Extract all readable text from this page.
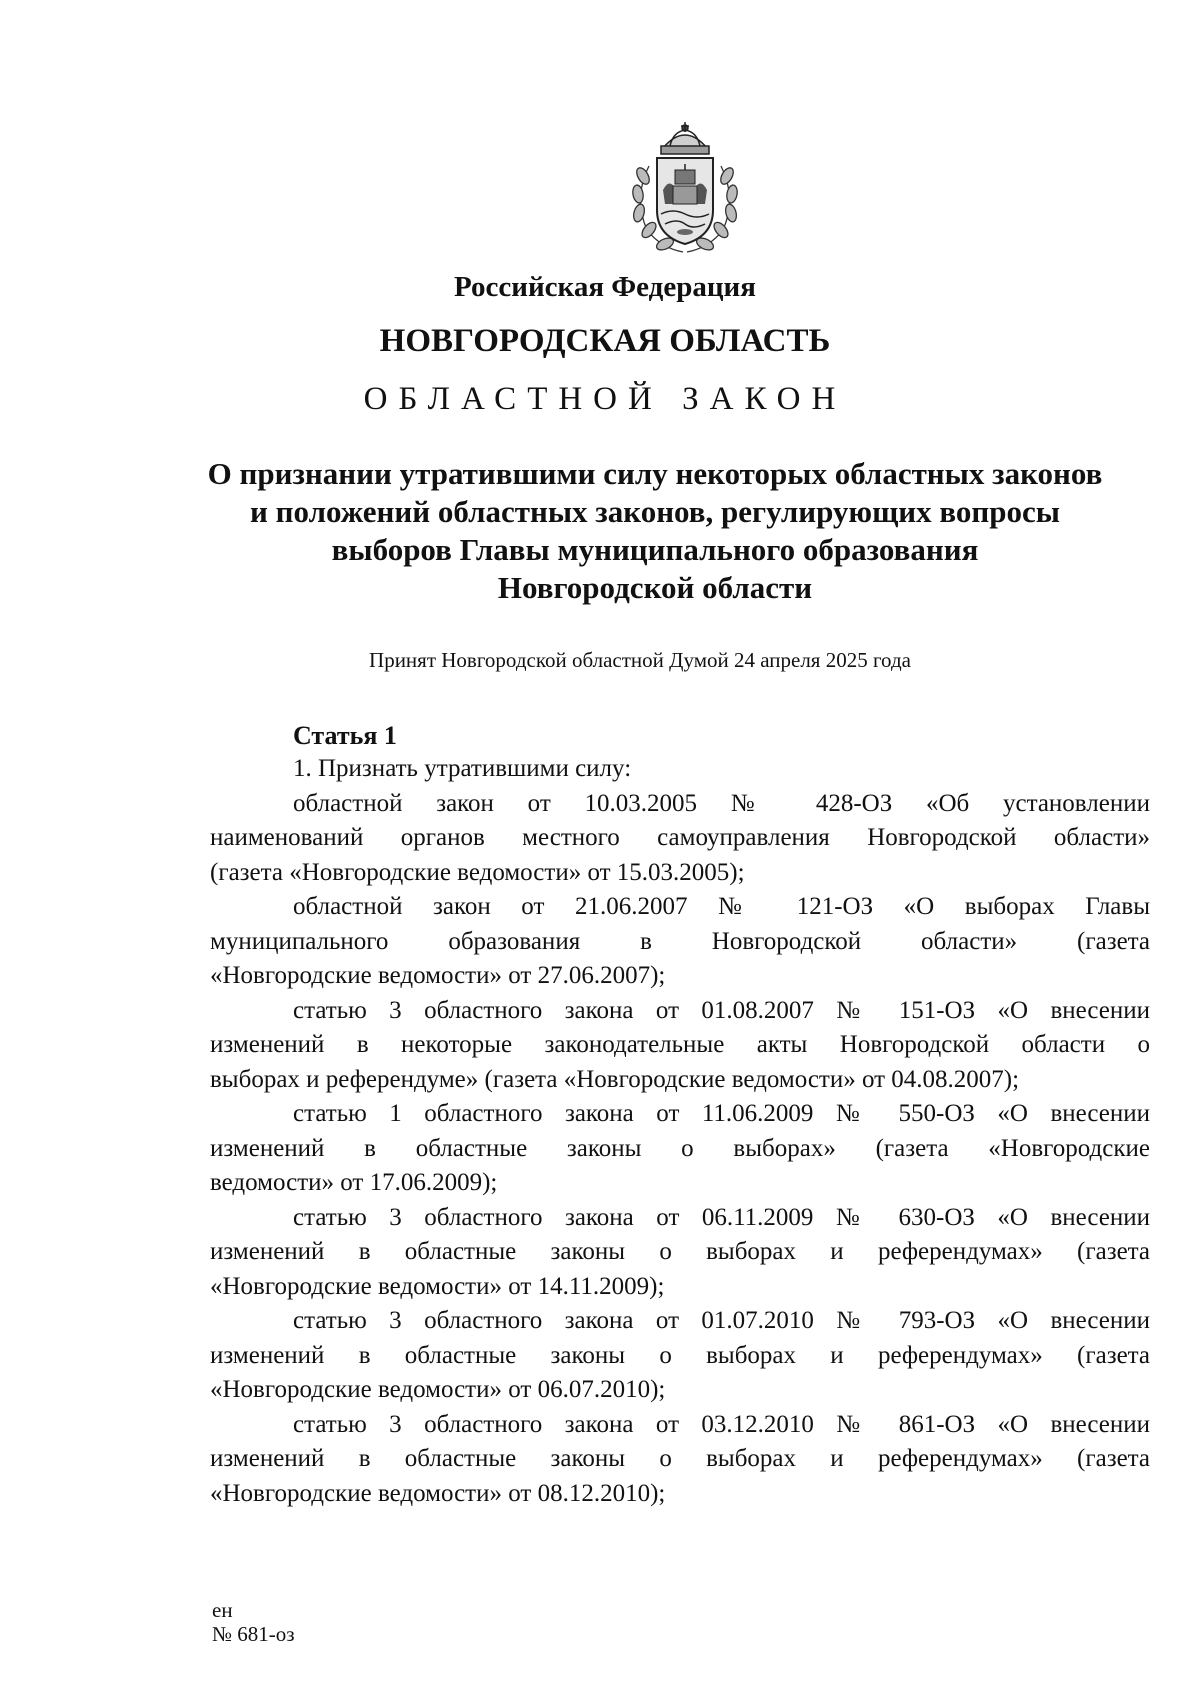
Российская Федерация
НОВГОРОДСКАЯ ОБЛАСТЬ
ОБЛАСТНОЙ ЗАКОН
О признании утратившими силу некоторых областных законов
и положений областных законов, регулирующих вопросы
выборов Главы муниципального образования
Новгородской области
Принят Новгородской областной Думой 24 апреля 2025 года
Статья 1
1. Признать утратившими силу:
областной закон от 10.03.2005 № 428-ОЗ «Об установлении
наименований органов местного самоуправления Новгородской области»
(газета «Новгородские ведомости» от 15.03.2005);
областной закон от 21.06.2007 № 121-ОЗ «О выборах Главы
муниципального образования в Новгородской области» (газета
«Новгородские ведомости» от 27.06.2007);
статью 3 областного закона от 01.08.2007 № 151-ОЗ «О внесении
изменений в некоторые законодательные акты Новгородской области о
выборах и референдуме» (газета «Новгородские ведомости» от 04.08.2007);
статью 1 областного закона от 11.06.2009 № 550-ОЗ «О внесении
изменений в областные законы о выборах» (газета «Новгородские
ведомости» от 17.06.2009);
статью 3 областного закона от 06.11.2009 № 630-ОЗ «О внесении
изменений в областные законы о выборах и референдумах» (газета
«Новгородские ведомости» от 14.11.2009);
статью 3 областного закона от 01.07.2010 № 793-ОЗ «О внесении
изменений в областные законы о выборах и референдумах» (газета
«Новгородские ведомости» от 06.07.2010);
статью 3 областного закона от 03.12.2010 № 861-ОЗ «О внесении
изменений в областные законы о выборах и референдумах» (газета
«Новгородские ведомости» от 08.12.2010);
ен
№ 681-оз
